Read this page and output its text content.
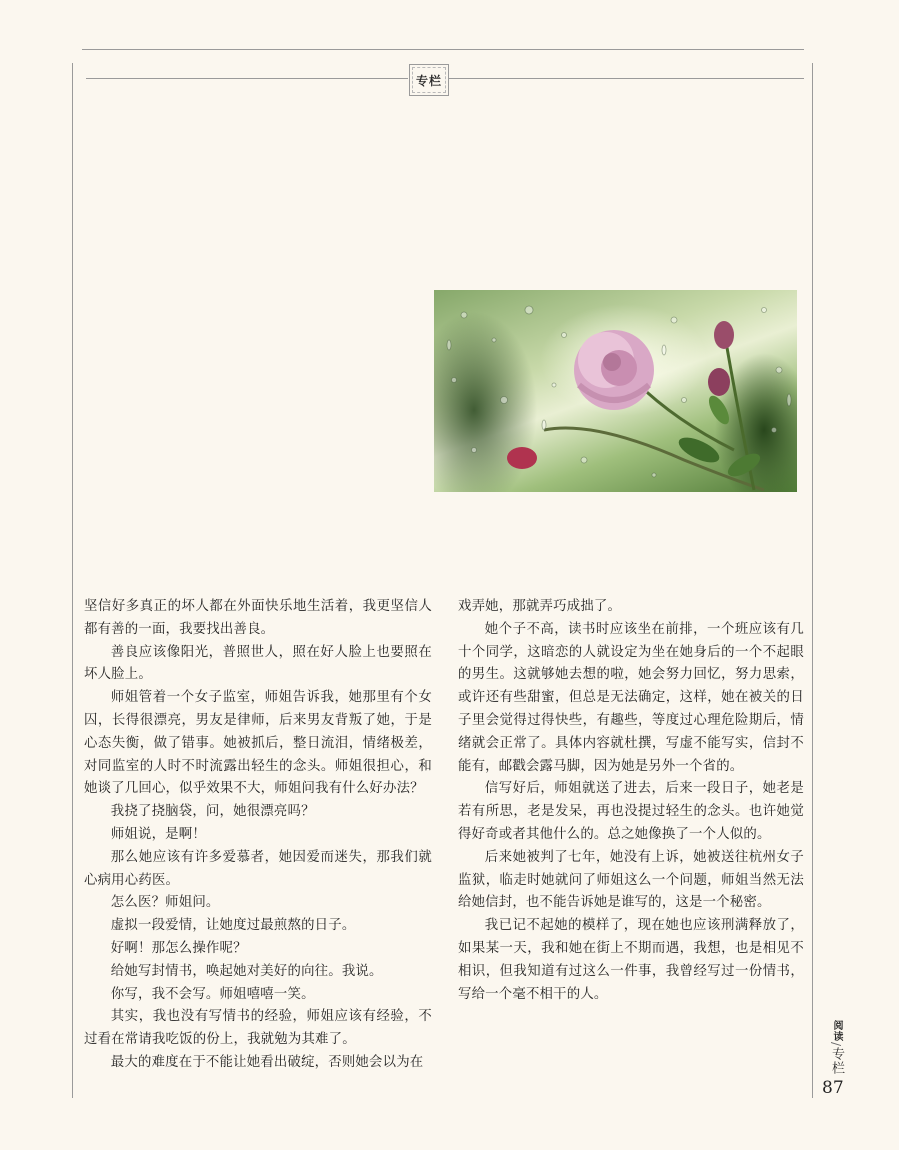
专栏

坚信好多真正的坏人都在外面快乐地生活着，我更坚信人都有善的一面，我要找出善良。

善良应该像阳光，普照世人，照在好人脸上也要照在坏人脸上。

师姐管着一个女子监室，师姐告诉我，她那里有个女囚，长得很漂亮，男友是律师，后来男友背叛了她，于是心态失衡，做了错事。她被抓后，整日流泪，情绪极差，对同监室的人时不时流露出轻生的念头。师姐很担心，和她谈了几回心，似乎效果不大，师姐问我有什么好办法？

我挠了挠脑袋，问，她很漂亮吗？

师姐说，是啊！

那么她应该有许多爱慕者，她因爱而迷失，那我们就心病用心药医。

怎么医？师姐问。

虚拟一段爱情，让她度过最煎熬的日子。

好啊！那怎么操作呢？

给她写封情书，唤起她对美好的向往。我说。

你写，我不会写。师姐嘻嘻一笑。

其实，我也没有写情书的经验，师姐应该有经验，不过看在常请我吃饭的份上，我就勉为其难了。

最大的难度在于不能让她看出破绽，否则她会以为在

戏弄她，那就弄巧成拙了。

她个子不高，读书时应该坐在前排，一个班应该有几十个同学，这暗恋的人就设定为坐在她身后的一个不起眼的男生。这就够她去想的啦，她会努力回忆，努力思索，或许还有些甜蜜，但总是无法确定，这样，她在被关的日子里会觉得过得快些，有趣些，等度过心理危险期后，情绪就会正常了。具体内容就杜撰，写虚不能写实，信封不能有，邮戳会露马脚，因为她是另外一个省的。

信写好后，师姐就送了进去，后来一段日子，她老是若有所思，老是发呆，再也没提过轻生的念头。也许她觉得好奇或者其他什么的。总之她像换了一个人似的。

后来她被判了七年，她没有上诉，她被送往杭州女子监狱，临走时她就问了师姐这么一个问题，师姐当然无法给她信封，也不能告诉她是谁写的，这是一个秘密。

我已记不起她的模样了，现在她也应该刑满释放了，如果某一天，我和她在街上不期而遇，我想，也是相见不相识，但我知道有过这么一件事，我曾经写过一份情书，写给一个毫不相干的人。

阅读/专栏
87
